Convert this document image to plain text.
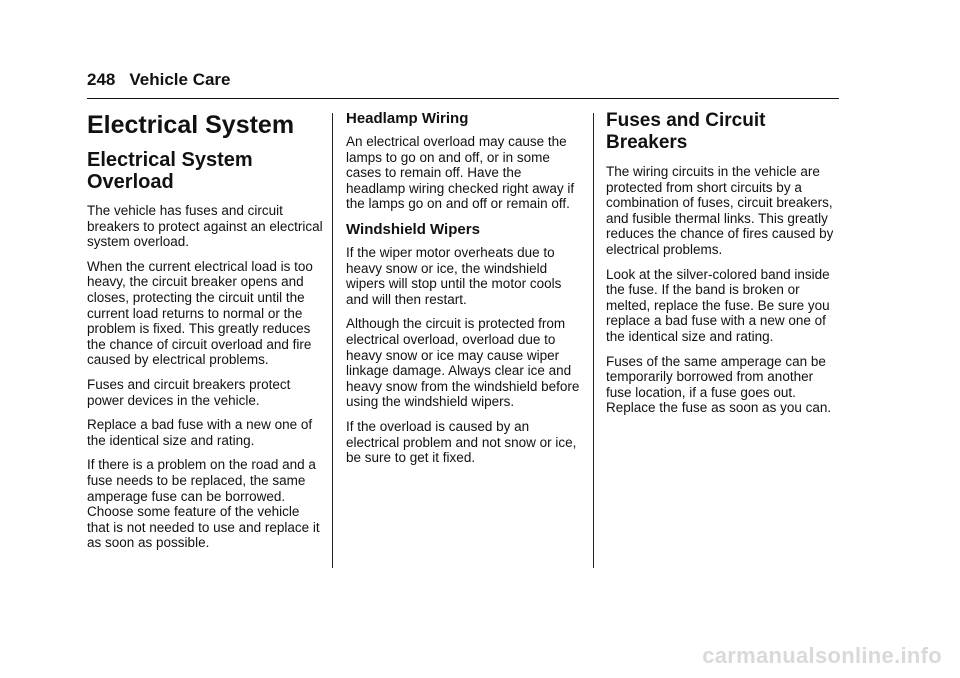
248 Vehicle Care
Electrical System
Electrical System Overload

The vehicle has fuses and circuit breakers to protect against an electrical system overload.

When the current electrical load is too heavy, the circuit breaker opens and closes, protecting the circuit until the current load returns to normal or the problem is fixed. This greatly reduces the chance of circuit overload and fire caused by electrical problems.

Fuses and circuit breakers protect power devices in the vehicle.

Replace a bad fuse with a new one of the identical size and rating.

If there is a problem on the road and a fuse needs to be replaced, the same amperage fuse can be borrowed. Choose some feature of the vehicle that is not needed to use and replace it as soon as possible.

Headlamp Wiring

An electrical overload may cause the lamps to go on and off, or in some cases to remain off. Have the headlamp wiring checked right away if the lamps go on and off or remain off.

Windshield Wipers

If the wiper motor overheats due to heavy snow or ice, the windshield wipers will stop until the motor cools and will then restart.

Although the circuit is protected from electrical overload, overload due to heavy snow or ice may cause wiper linkage damage. Always clear ice and heavy snow from the windshield before using the windshield wipers.

If the overload is caused by an electrical problem and not snow or ice, be sure to get it fixed.

Fuses and Circuit Breakers

The wiring circuits in the vehicle are protected from short circuits by a combination of fuses, circuit breakers, and fusible thermal links. This greatly reduces the chance of fires caused by electrical problems.

Look at the silver-colored band inside the fuse. If the band is broken or melted, replace the fuse. Be sure you replace a bad fuse with a new one of the identical size and rating.

Fuses of the same amperage can be temporarily borrowed from another fuse location, if a fuse goes out. Replace the fuse as soon as you can.

carmanualsonline.info
